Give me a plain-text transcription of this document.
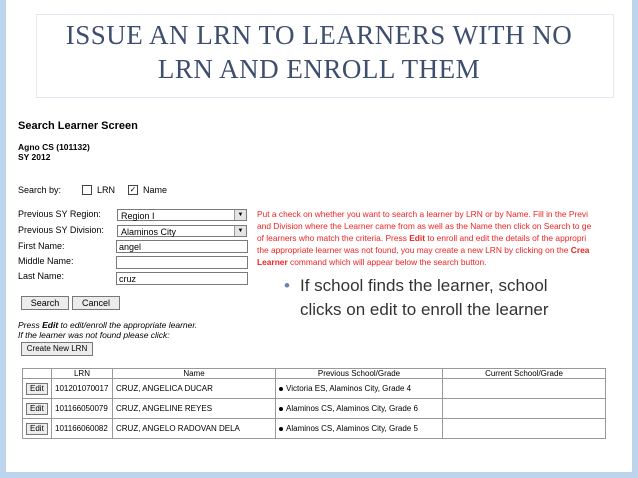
ISSUE AN LRN TO LEARNERS WITH NO
LRN AND ENROLL THEM
Search Learner Screen
Agno CS (101132)
SY 2012
Search by:	LRN ✓ Name
Previous SY Region:	Region I	▼
Previous SY Division:	Alaminos City	▼
First Name:	angel
Middle Name:
Last Name:	cruz
Search	Cancel
Press Edit to edit/enroll the appropriate learner.
If the learner was not found please click:
Create New LRN
Put a check on whether you want to search a learner by LRN or by Name. Fill in the Previ
and Division where the Learner came from as well as the Name then click on Search to ge
of learners who match the criteria. Press Edit to enroll and edit the details of the appropri
the appropriate learner was not found, you may create a new LRN by clicking on the Crea
Learner command which will appear below the search button.
	LRN	Name	Previous School/Grade	Current School/Grade
Edit	101201070017	CRUZ, ANGELICA DUCAR	Victoria ES, Alaminos City, Grade 4	
Edit	101166050079	CRUZ, ANGELINE REYES	Alaminos CS, Alaminos City, Grade 6	
Edit	101166060082	CRUZ, ANGELO RADOVAN DELA	Alaminos CS, Alaminos City, Grade 5	
• If school finds the learner, school
clicks on edit to enroll the learner
